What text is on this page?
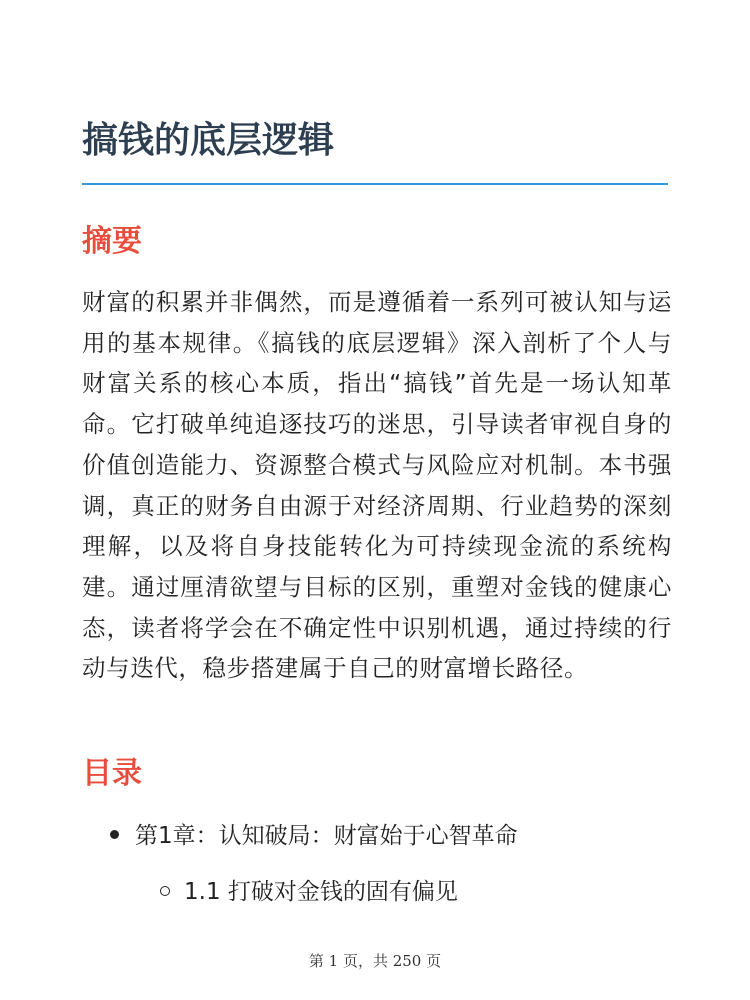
搞钱的底层逻辑
摘要

财富的积累并非偶然，而是遵循着一系列可被认知与运用的基本规律。《搞钱的底层逻辑》深入剖析了个人与财富关系的核心本质，指出“搞钱”首先是一场认知革命。它打破单纯追逐技巧的迷思，引导读者审视自身的价值创造能力、资源整合模式与风险应对机制。本书强调，真正的财务自由源于对经济周期、行业趋势的深刻理解，以及将自身技能转化为可持续现金流的系统构建。通过厘清欲望与目标的区别，重塑对金钱的健康心态，读者将学会在不确定性中识别机遇，通过持续的行动与迭代，稳步搭建属于自己的财富增长路径。

目录
第1章：认知破局：财富始于心智革命
1.1 打破对金钱的固有偏见
第 1 页，共 250 页
